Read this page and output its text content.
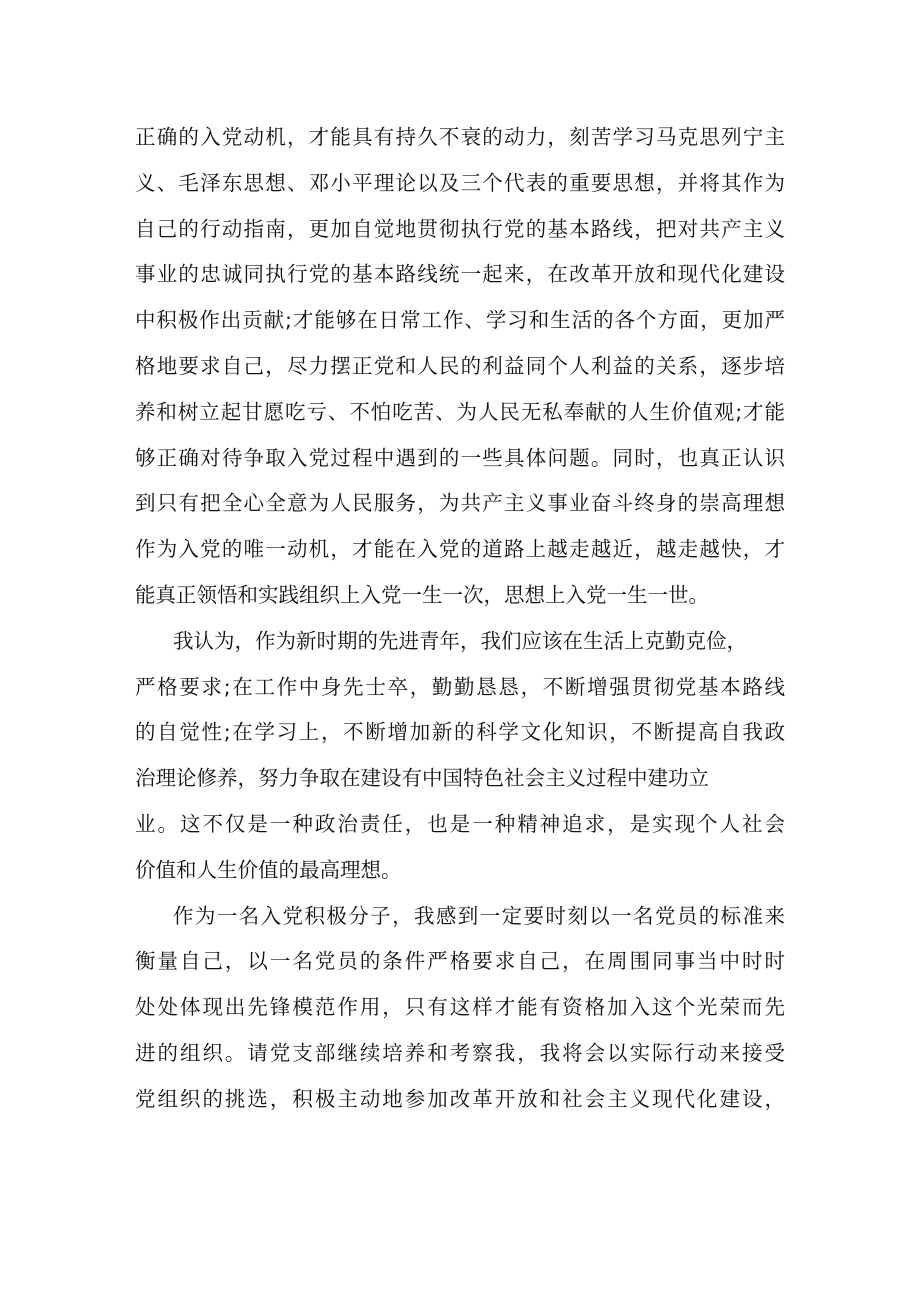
正确的入党动机，才能具有持久不衰的动力，刻苦学习马克思列宁主
义、毛泽东思想、邓小平理论以及三个代表的重要思想，并将其作为
自己的行动指南，更加自觉地贯彻执行党的基本路线，把对共产主义
事业的忠诚同执行党的基本路线统一起来，在改革开放和现代化建设
中积极作出贡献;才能够在日常工作、学习和生活的各个方面，更加严
格地要求自己，尽力摆正党和人民的利益同个人利益的关系，逐步培
养和树立起甘愿吃亏、不怕吃苦、为人民无私奉献的人生价值观;才能
够正确对待争取入党过程中遇到的一些具体问题。同时，也真正认识
到只有把全心全意为人民服务，为共产主义事业奋斗终身的崇高理想
作为入党的唯一动机，才能在入党的道路上越走越近，越走越快，才
能真正领悟和实践组织上入党一生一次，思想上入党一生一世。
我认为，作为新时期的先进青年，我们应该在生活上克勤克俭，
严格要求;在工作中身先士卒，勤勤恳恳，不断增强贯彻党基本路线
的自觉性;在学习上，不断增加新的科学文化知识，不断提高自我政
治理论修养，努力争取在建设有中国特色社会主义过程中建功立
业。这不仅是一种政治责任，也是一种精神追求，是实现个人社会
价值和人生价值的最高理想。
作为一名入党积极分子，我感到一定要时刻以一名党员的标准来
衡量自己，以一名党员的条件严格要求自己，在周围同事当中时时
处处体现出先锋模范作用，只有这样才能有资格加入这个光荣而先
进的组织。请党支部继续培养和考察我，我将会以实际行动来接受
党组织的挑选，积极主动地参加改革开放和社会主义现代化建设，
